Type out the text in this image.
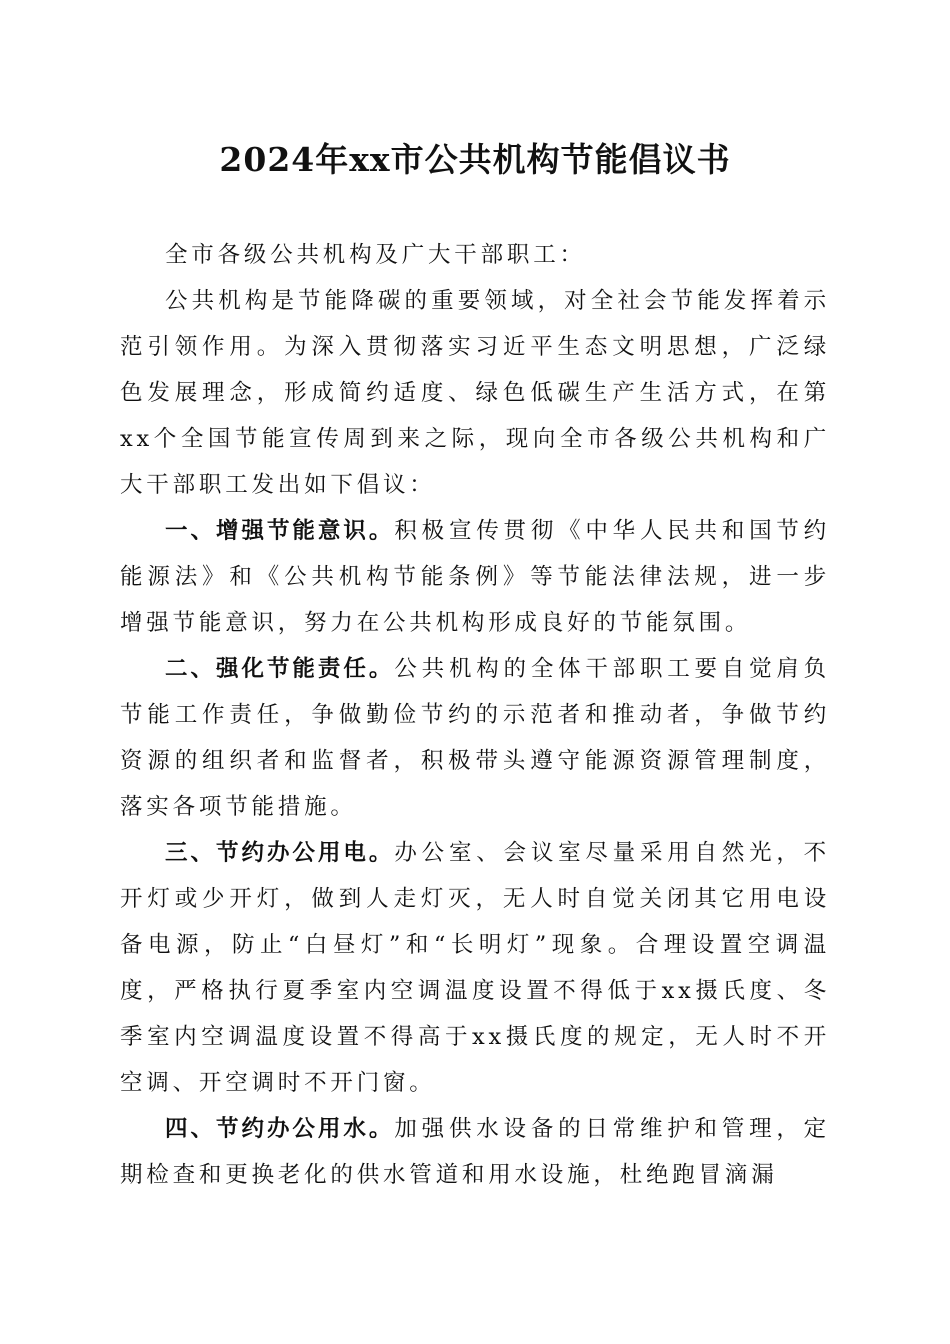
2024年xx市公共机构节能倡议书

全市各级公共机构及广大干部职工：

公共机构是节能降碳的重要领域，对全社会节能发挥着示范引领作用。为深入贯彻落实习近平生态文明思想，广泛绿色发展理念，形成简约适度、绿色低碳生产生活方式，在第xx个全国节能宣传周到来之际，现向全市各级公共机构和广大干部职工发出如下倡议：

一、增强节能意识。积极宣传贯彻《中华人民共和国节约能源法》和《公共机构节能条例》等节能法律法规，进一步增强节能意识，努力在公共机构形成良好的节能氛围。

二、强化节能责任。公共机构的全体干部职工要自觉肩负节能工作责任，争做勤俭节约的示范者和推动者，争做节约资源的组织者和监督者，积极带头遵守能源资源管理制度，落实各项节能措施。

三、节约办公用电。办公室、会议室尽量采用自然光，不开灯或少开灯，做到人走灯灭，无人时自觉关闭其它用电设备电源，防止“白昼灯”和“长明灯”现象。合理设置空调温度，严格执行夏季室内空调温度设置不得低于xx摄氏度、冬季室内空调温度设置不得高于xx摄氏度的规定，无人时不开空调、开空调时不开门窗。

四、节约办公用水。加强供水设备的日常维护和管理，定期检查和更换老化的供水管道和用水设施，杜绝跑冒滴漏
